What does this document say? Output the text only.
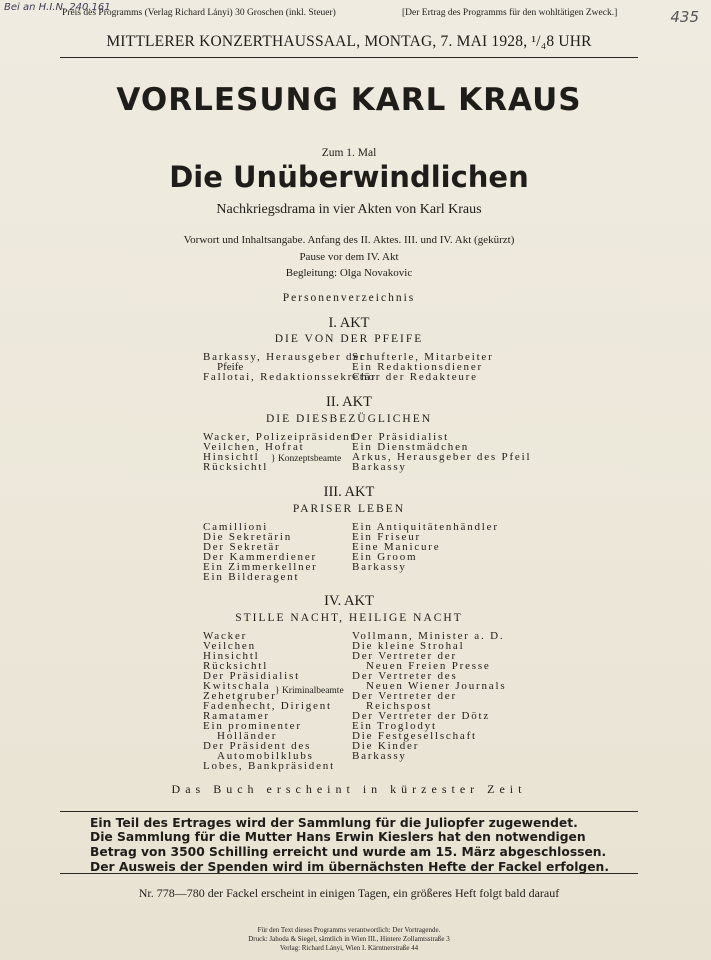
Bei an H.I.N. 240.161
435
Preis des Programms (Verlag Richard Lányi) 30 Groschen (inkl. Steuer)	[Der Ertrag des Programms für den wohltätigen Zweck.]
MITTLERER KONZERTHAUSSAAL, MONTAG, 7. MAI 1928, ¹/₄8 UHR
VORLESUNG KARL KRAUS
Zum 1. Mal
Die Unüberwindlichen
Nachkriegsdrama in vier Akten von Karl Kraus
Vorwort und Inhaltsangabe. Anfang des II. Aktes. III. und IV. Akt (gekürzt)
Pause vor dem IV. Akt
Begleitung: Olga Novakovic
Personenverzeichnis
I. AKT
DIE VON DER PFEIFE
Barkassy, Herausgeber der
Pfeife
Fallotai, Redaktionssekretär
Schufterle, Mitarbeiter
Ein Redaktionsdiener
Chor der Redakteure
II. AKT
DIE DIESBEZÜGLICHEN
Wacker, Polizeipräsident
Veilchen, Hofrat
Hinsichtl
Rücksichtl
} Konzeptsbeamte
Der Präsidialist
Ein Dienstmädchen
Arkus, Herausgeber des Pfeil
Barkassy
III. AKT
PARISER LEBEN
Camillioni
Die Sekretärin
Der Sekretär
Der Kammerdiener
Ein Zimmerkellner
Ein Bilderagent
Ein Antiquitätenhändler
Ein Friseur
Eine Manicure
Ein Groom
Barkassy
IV. AKT
STILLE NACHT, HEILIGE NACHT
Wacker
Veilchen
Hinsichtl
Rücksichtl
Der Präsidialist
Kwitschala
Zehetgruber
Fadenhecht, Dirigent
Ramatamer
Ein prominenter
Holländer
Der Präsident des
Automobilklubs
Lobes, Bankpräsident
} Kriminalbeamte
Vollmann, Minister a. D.
Die kleine Strohal
Der Vertreter der
Neuen Freien Presse
Der Vertreter des
Neuen Wiener Journals
Der Vertreter der
Reichspost
Der Vertreter der Dötz
Ein Troglodyt
Die Festgesellschaft
Die Kinder
Barkassy
Das Buch erscheint in kürzester Zeit
Ein Teil des Ertrages wird der Sammlung für die Juliopfer zugewendet.
Die Sammlung für die Mutter Hans Erwin Kieslers hat den notwendigen Betrag von 3500 Schilling erreicht und wurde am 15. März abgeschlossen. Der Ausweis der Spenden wird im übernächsten Hefte der Fackel erfolgen.
Nr. 778—780 der Fackel erscheint in einigen Tagen, ein größeres Heft folgt bald darauf
Für den Text dieses Programms verantwortlich: Der Vortragende.
Druck: Jahoda & Siegel, sämtlich in Wien III., Hintere Zollamtsstraße 3
Verlag: Richard Lányi, Wien I. Kärntnerstraße 44
